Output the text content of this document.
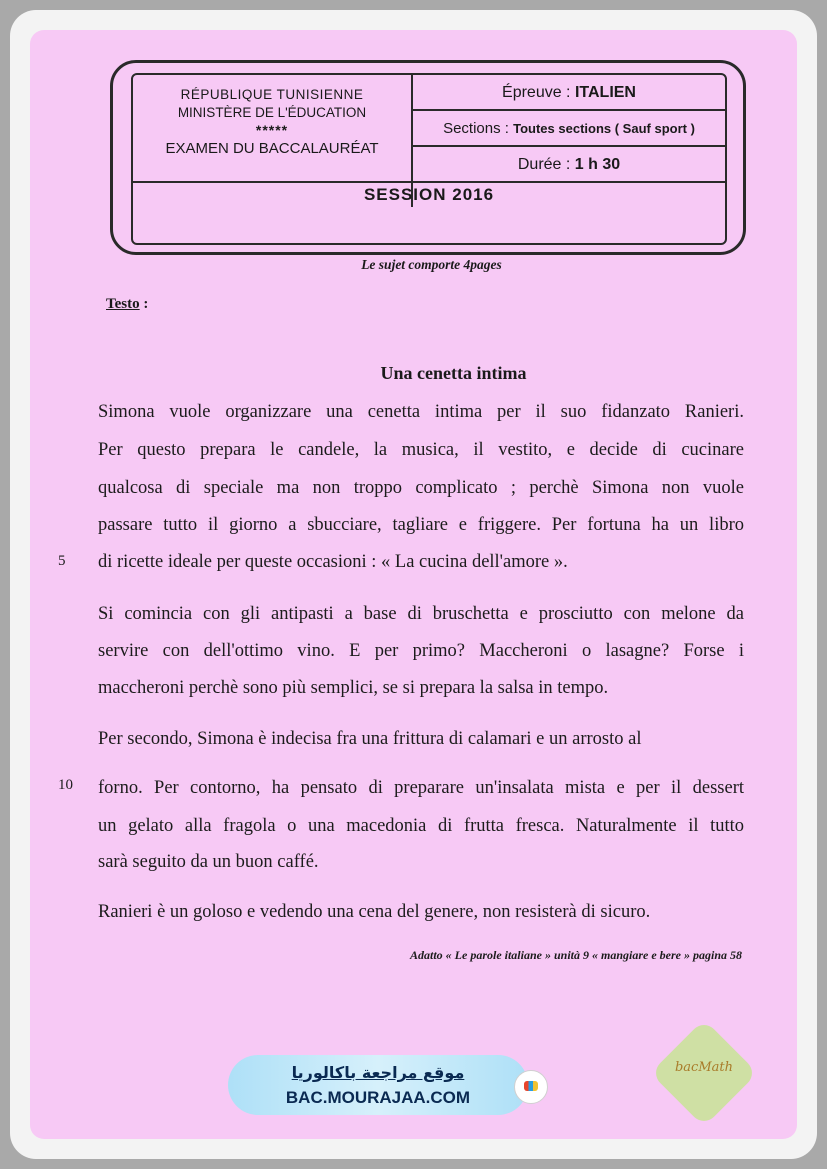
RÉPUBLIQUE TUNISIENNE
MINISTÈRE DE L'ÉDUCATION
*****
EXAMEN DU BACCALAURÉAT
Épreuve : ITALIEN
Sections : Toutes sections ( Sauf sport )
Durée : 1 h 30
SESSION 2016
Le sujet comporte 4pages
Testo :
Una cenetta intima
Simona vuole organizzare una cenetta intima per il suo fidanzato Ranieri.
Per questo prepara le candele, la musica, il vestito, e decide di cucinare
qualcosa di speciale ma non troppo complicato ; perchè Simona non vuole
passare tutto il giorno a sbucciare, tagliare e friggere. Per fortuna ha un libro
5 di ricette ideale per queste occasioni : « La cucina dell'amore ».
Si comincia con gli antipasti a base di bruschetta e prosciutto con melone da
servire con dell'ottimo vino. E per primo? Maccheroni o lasagne? Forse i
maccheroni perchè sono più semplici, se si prepara la salsa in tempo.
Per secondo, Simona è indecisa fra una frittura di calamari e un arrosto al
10 forno. Per contorno, ha pensato di preparare un'insalata mista e per il dessert
un gelato alla fragola o una macedonia di frutta fresca. Naturalmente il tutto
sarà seguito da un buon caffé.
Ranieri è un goloso e vedendo una cena del genere, non resisterà di sicuro.
Adatto « Le parole italiane » unità 9 « mangiare e bere » pagina 58
موقع مراجعة باكالوريا
BAC.MOURAJAA.COM
bacMath
